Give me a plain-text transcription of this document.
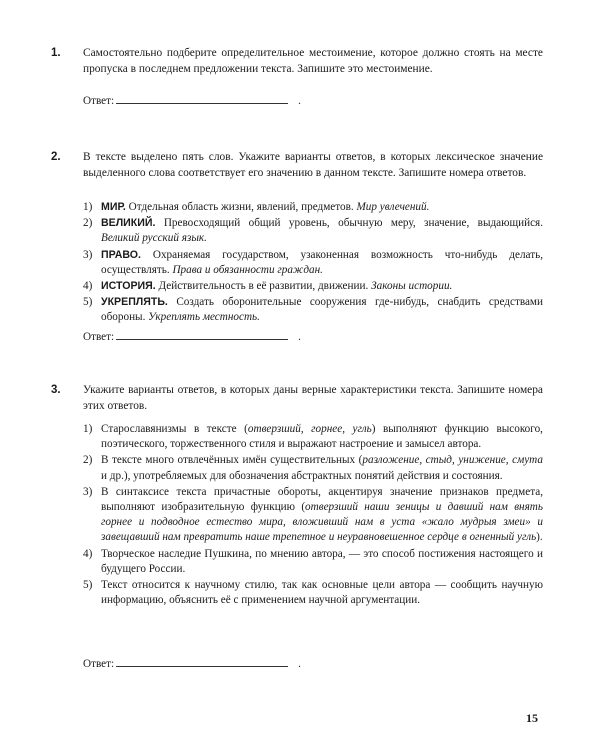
1. Самостоятельно подберите определительное местоимение, которое должно стоять на месте пропуска в последнем предложении текста. Запишите это местоимение.
Ответ:	.
2. В тексте выделено пять слов. Укажите варианты ответов, в которых лексическое значение выделенного слова соответствует его значению в данном тексте. Запишите номера ответов.
1) МИР. Отдельная область жизни, явлений, предметов. Мир увлечений.
2) ВЕЛИКИЙ. Превосходящий общий уровень, обычную меру, значение, выдающийся. Великий русский язык.
3) ПРАВО. Охраняемая государством, узаконенная возможность что-нибудь делать, осуществлять. Права и обязанности граждан.
4) ИСТОРИЯ. Действительность в её развитии, движении. Законы истории.
5) УКРЕПЛЯТЬ. Создать оборонительные сооружения где-нибудь, снабдить средствами обороны. Укреплять местность.
Ответ:	.
3. Укажите варианты ответов, в которых даны верные характеристики текста. Запишите номера этих ответов.
1) Старославянизмы в тексте (отверзший, горнее, угль) выполняют функцию высокого, поэтического, торжественного стиля и выражают настроение и замысел автора.
2) В тексте много отвлечённых имён существительных (разложение, стыд, унижение, смута и др.), употребляемых для обозначения абстрактных понятий действия и состояния.
3) В синтаксисе текста причастные обороты, акцентируя значение признаков предмета, выполняют изобразительную функцию (отверзший наши зеницы и давший нам внять горнее и подводное естество мира, вложивший нам в уста «жало мудрыя змеи» и завещавший нам превратить наше трепетное и неуравновешенное сердце в огненный угль).
4) Творческое наследие Пушкина, по мнению автора, — это способ постижения настоящего и будущего России.
5) Текст относится к научному стилю, так как основные цели автора — сообщить научную информацию, объяснить её с применением научной аргументации.
Ответ:	.
15
